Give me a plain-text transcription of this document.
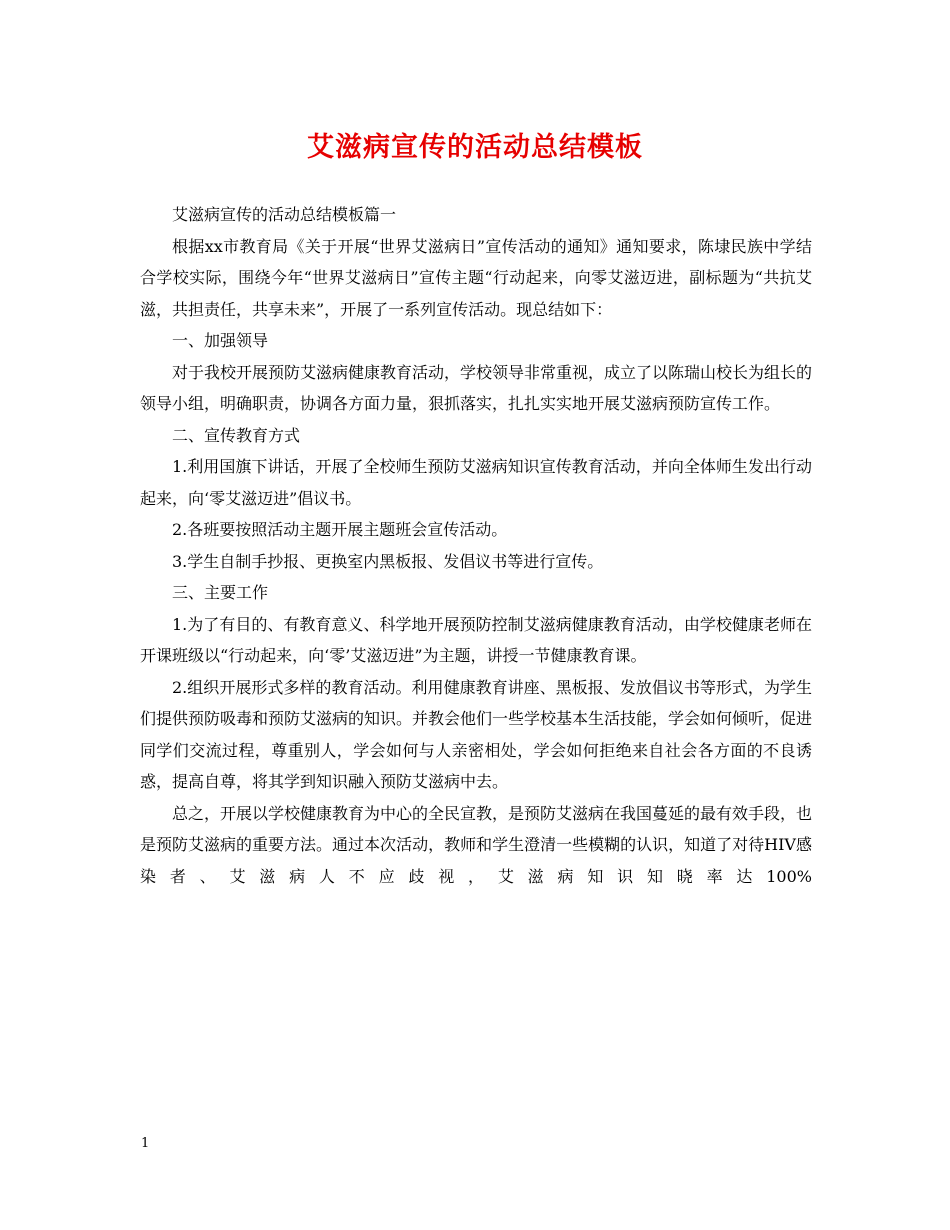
艾滋病宣传的活动总结模板

艾滋病宣传的活动总结模板篇一

根据xx市教育局《关于开展“世界艾滋病日”宣传活动的通知》通知要求，陈埭民族中学结合学校实际，围绕今年“世界艾滋病日”宣传主题“行动起来，向零艾滋迈进，副标题为“共抗艾滋，共担责任，共享未来”，开展了一系列宣传活动。现总结如下：

一、加强领导

对于我校开展预防艾滋病健康教育活动，学校领导非常重视，成立了以陈瑞山校长为组长的领导小组，明确职责，协调各方面力量，狠抓落实，扎扎实实地开展艾滋病预防宣传工作。

二、宣传教育方式

1.利用国旗下讲话，开展了全校师生预防艾滋病知识宣传教育活动，并向全体师生发出行动起来，向‘零艾滋迈进”倡议书。

2.各班要按照活动主题开展主题班会宣传活动。

3.学生自制手抄报、更换室内黑板报、发倡议书等进行宣传。

三、主要工作

1.为了有目的、有教育意义、科学地开展预防控制艾滋病健康教育活动，由学校健康老师在开课班级以“行动起来，向‘零’艾滋迈进”为主题，讲授一节健康教育课。

2.组织开展形式多样的教育活动。利用健康教育讲座、黑板报、发放倡议书等形式，为学生们提供预防吸毒和预防艾滋病的知识。并教会他们一些学校基本生活技能，学会如何倾听，促进同学们交流过程，尊重别人，学会如何与人亲密相处，学会如何拒绝来自社会各方面的不良诱惑，提高自尊，将其学到知识融入预防艾滋病中去。

总之，开展以学校健康教育为中心的全民宣教，是预防艾滋病在我国蔓延的最有效手段，也是预防艾滋病的重要方法。通过本次活动，教师和学生澄清一些模糊的认识，知道了对待HIV感染者、艾滋病人不应歧视，艾滋病知识知晓率达100%

1
